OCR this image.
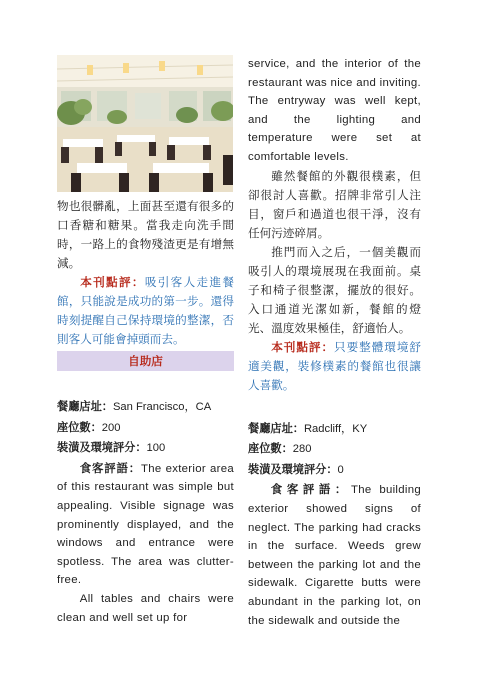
物也很髒亂，上面甚至還有很多的口香糖和糖果。當我走向洗手間時，一路上的食物殘渣更是有增無減。

本刊點評：吸引客人走進餐館，只能說是成功的第一步。還得時刻提醒自己保持環境的整潔，否則客人可能會掉頭而去。

自助店

餐廳店址：San Francisco，CA

座位數：200

裝潢及環境評分：100

食客評語：The exterior area of this restaurant was simple but appealing. Visible signage was prominently displayed, and the windows and entrance were spotless. The area was clutter-free.

All tables and chairs were clean and well set up for

service, and the interior of the restaurant was nice and inviting. The entryway was well kept, and the lighting and temperature were set at comfortable levels.

雖然餐館的外觀很樸素，但卻很討人喜歡。招牌非常引人注目，窗戶和過道也很干淨，沒有任何污迹碎屑。

推門而入之后，一個美觀而吸引人的環境展現在我面前。桌子和椅子很整潔，擺放的很好。入口通道光潔如新，餐館的燈光、溫度效果極佳，舒適怡人。

本刊點評：只要整體環境舒適美觀，裝修樸素的餐館也很讓人喜歡。

餐廳店址：Radcliff，KY

座位數：280

裝潢及環境評分：0

食客評語：The building exterior showed signs of neglect. The parking had cracks in the surface. Weeds grew between the parking lot and the sidewalk. Cigarette butts were abundant in the parking lot, on the sidewalk and outside the
